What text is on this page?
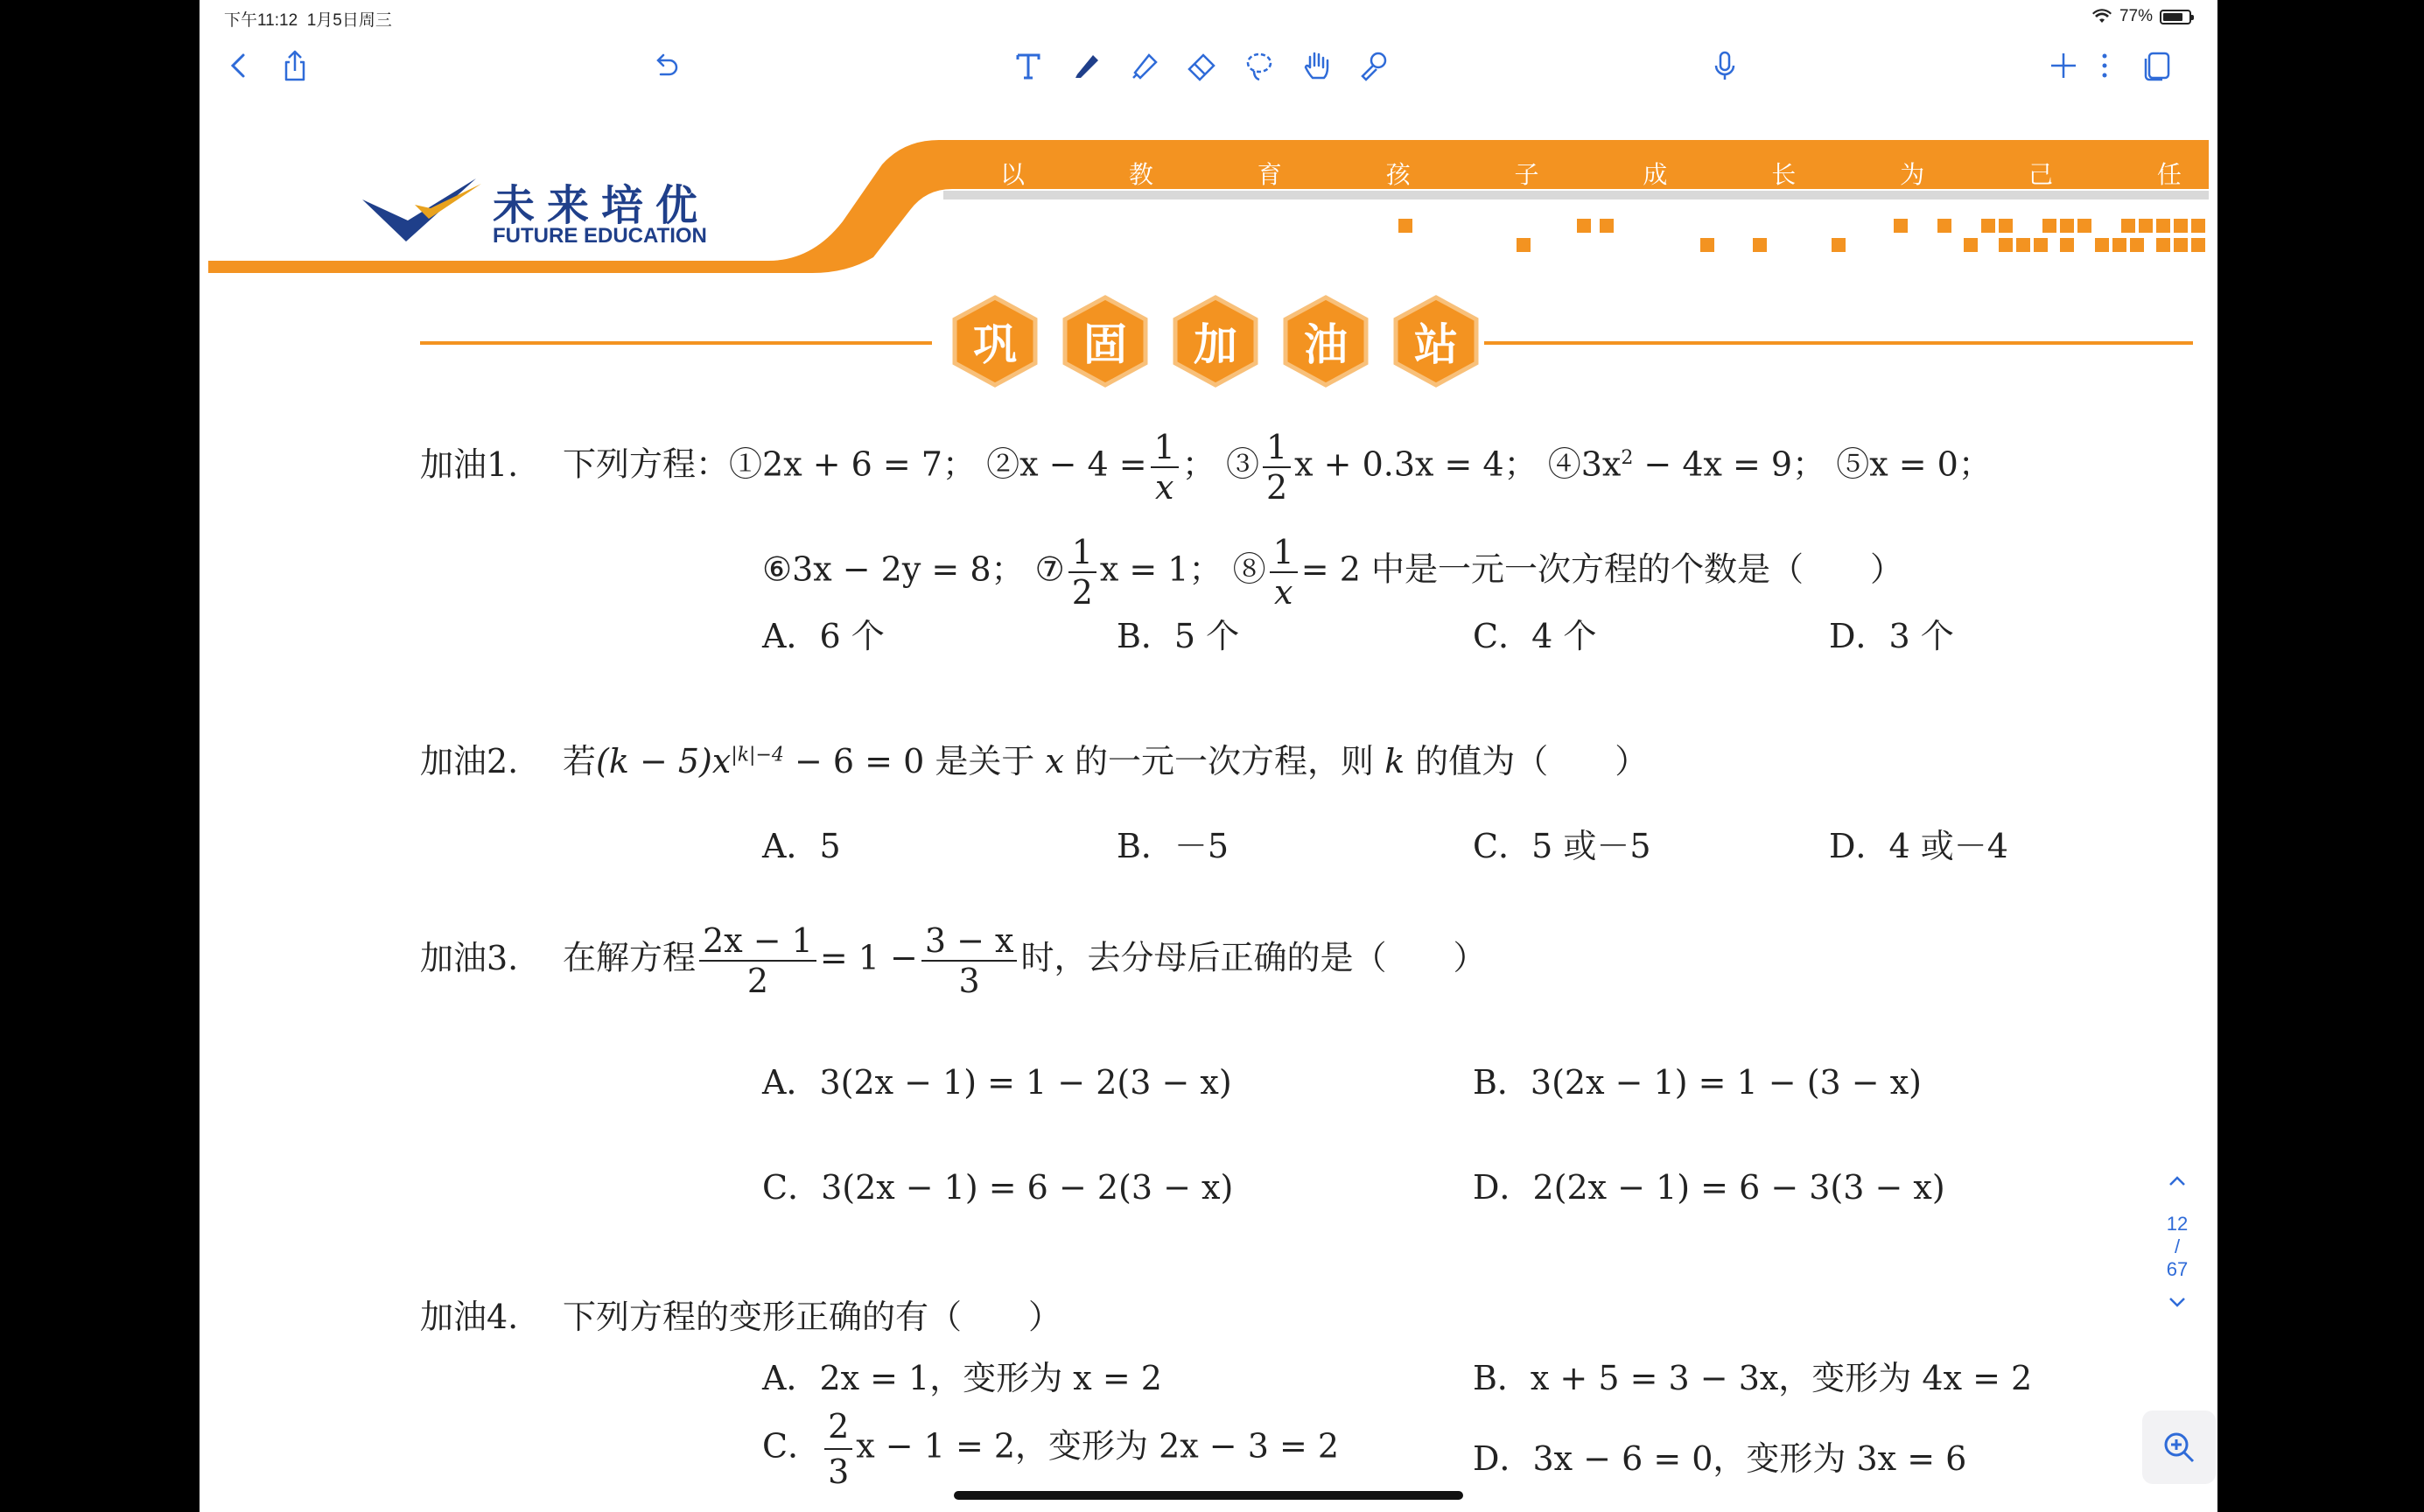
下午11:12 1月5日周三	77%
未来培优
FUTURE EDUCATION
以	教	育	孩	子	成	长	为	己	任
巩 固 加 油 站
加油1. 下列方程：①2x + 6 = 7； ②x − $4 = \frac{1}{x}$ ； ③ $\frac{1}{2}$ x + 0.3x = 4； $④3x^2 - 4x = 9$； ⑤x = 0；
⑥3x − 2y = 8； ⑦ $\frac{1}{2}$ x = 1； ⑧ $\frac{1}{x} = 2$ 中是一元一次方程的个数是（　　）
A．6 个	B．5 个	C．4 个	D．3 个
加油2. 若$(k - 5)x^{|k|-4} - 6 = 0$ 是关于 x 的一元一次方程，则 k 的值为（　　）
A．5	B．－5	C．5 或－5	D．4 或－4
加油3. 在解方程 $\frac{2x - 1}{2} = 1 - \frac{3 - x}{3}$ 时，去分母后正确的是（　　）
A．3(2x − 1) = 1 − 2(3 − x)	B．3(2x − 1) = 1 − (3 − x)
C．3(2x − 1) = 6 − 2(3 − x)	D．2(2x − 1) = 6 − 3(3 − x)
加油4. 下列方程的变形正确的有（　　）
A．2x = 1，变形为 x = 2	B．x + 5 = 3 − 3x，变形为 4x = 2
C． $\frac{2}{3}$ x − 1 = 2，变形为 2x − 3 = 2	D．3x − 6 = 0，变形为 3x = 6
12
/
67
